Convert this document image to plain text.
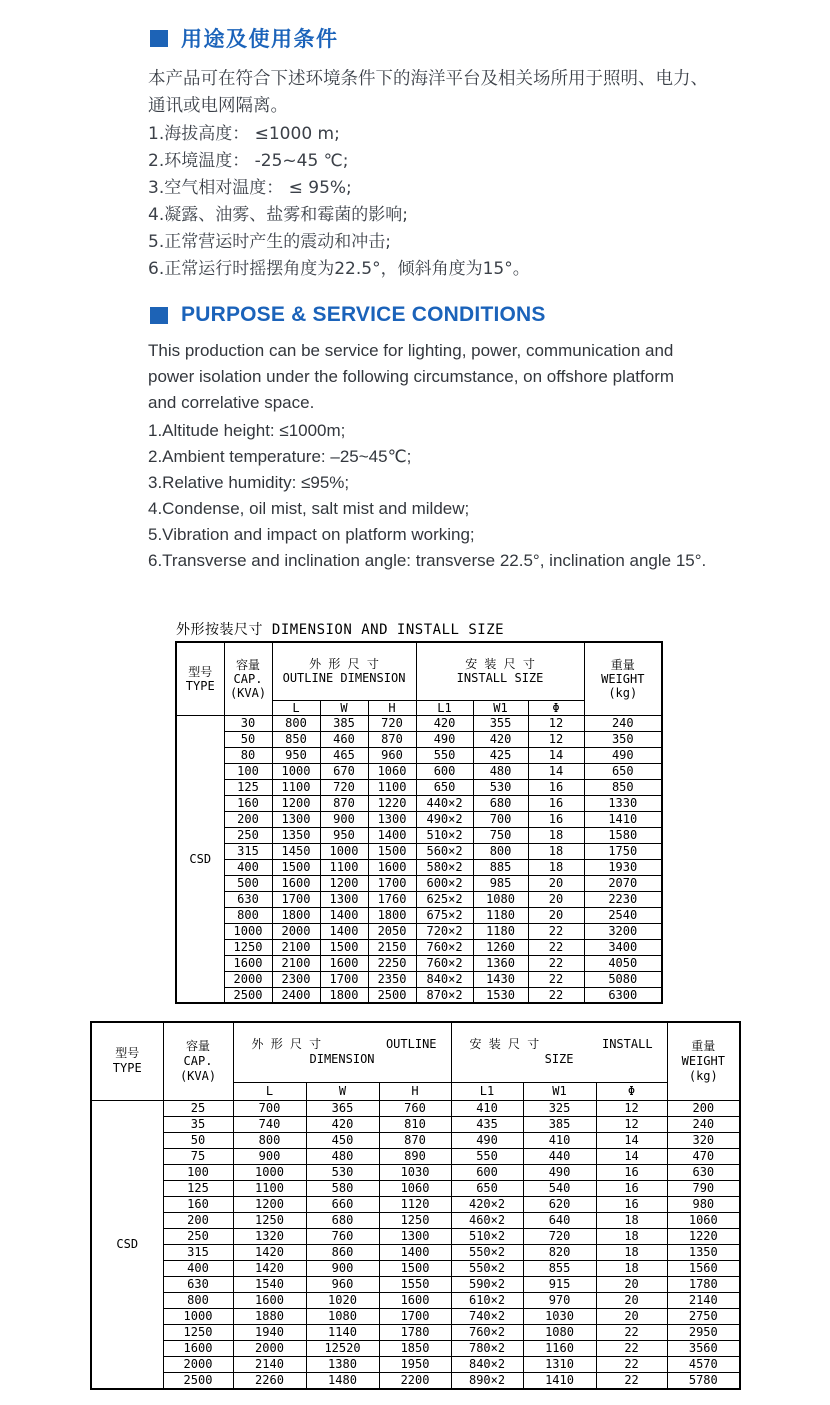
用途及使用条件
本产品可在符合下述环境条件下的海洋平台及相关场所用于照明、电力、
通讯或电网隔离。
1.海拔高度： ≤1000 m;
2.环境温度： -25~45 ℃;
3.空气相对温度： ≤ 95%;
4.凝露、油雾、盐雾和霉菌的影响;
5.正常营运时产生的震动和冲击;
6.正常运行时摇摆角度为22.5°，倾斜角度为15°。
PURPOSE & SERVICE CONDITIONS
This production can be service for lighting, power, communication and
power isolation under the following circumstance, on offshore platform
and correlative space.
1.Altitude height: ≤1000m;
2.Ambient temperature: –25~45℃;
3.Relative humidity: ≤95%;
4.Condense, oil mist, salt mist and mildew;
5.Vibration and impact on platform working;
6.Transverse and inclination angle: transverse 22.5°, inclination angle 15°.
外形按装尺寸 DIMENSION AND INSTALL SIZE
型号
TYPE	容量
CAP.
(KVA)	外 形 尺 寸
OUTLINE DIMENSION			安 装 尺 寸
INSTALL SIZE			重量
WEIGHT
(kg)

		L	W	H	L1	W1	Φ	
CSD	30	800	385	720	420	355	12	240
	50	850	460	870	490	420	12	350
	80	950	465	960	550	425	14	490
	100	1000	670	1060	600	480	14	650
	125	1100	720	1100	650	530	16	850
	160	1200	870	1220	440×2	680	16	1330
	200	1300	900	1300	490×2	700	16	1410
	250	1350	950	1400	510×2	750	18	1580
	315	1450	1000	1500	560×2	800	18	1750
	400	1500	1100	1600	580×2	885	18	1930
	500	1600	1200	1700	600×2	985	20	2070
	630	1700	1300	1760	625×2	1080	20	2230
	800	1800	1400	1800	675×2	1180	20	2540
	1000	2000	1400	2050	720×2	1180	22	3200
	1250	2100	1500	2150	760×2	1260	22	3400
	1600	2100	1600	2250	760×2	1360	22	4050
	2000	2300	1700	2350	840×2	1430	22	5080
	2500	2400	1800	2500	870×2	1530	22	6300
型号
TYPE	容量
CAP.
(KVA)	外 形 尺 寸 OUTLINE
DIMENSION			安 装 尺 寸 INSTALL
SIZE			重量
WEIGHT
(kg)

		L	W	H	L1	W1	Φ	
CSD	25	700	365	760	410	325	12	200
	35	740	420	810	435	385	12	240
	50	800	450	870	490	410	14	320
	75	900	480	890	550	440	14	470
	100	1000	530	1030	600	490	16	630
	125	1100	580	1060	650	540	16	790
	160	1200	660	1120	420×2	620	16	980
	200	1250	680	1250	460×2	640	18	1060
	250	1320	760	1300	510×2	720	18	1220
	315	1420	860	1400	550×2	820	18	1350
	400	1420	900	1500	550×2	855	18	1560
	630	1540	960	1550	590×2	915	20	1780
	800	1600	1020	1600	610×2	970	20	2140
	1000	1880	1080	1700	740×2	1030	20	2750
	1250	1940	1140	1780	760×2	1080	22	2950
	1600	2000	12520	1850	780×2	1160	22	3560
	2000	2140	1380	1950	840×2	1310	22	4570
	2500	2260	1480	2200	890×2	1410	22	5780
